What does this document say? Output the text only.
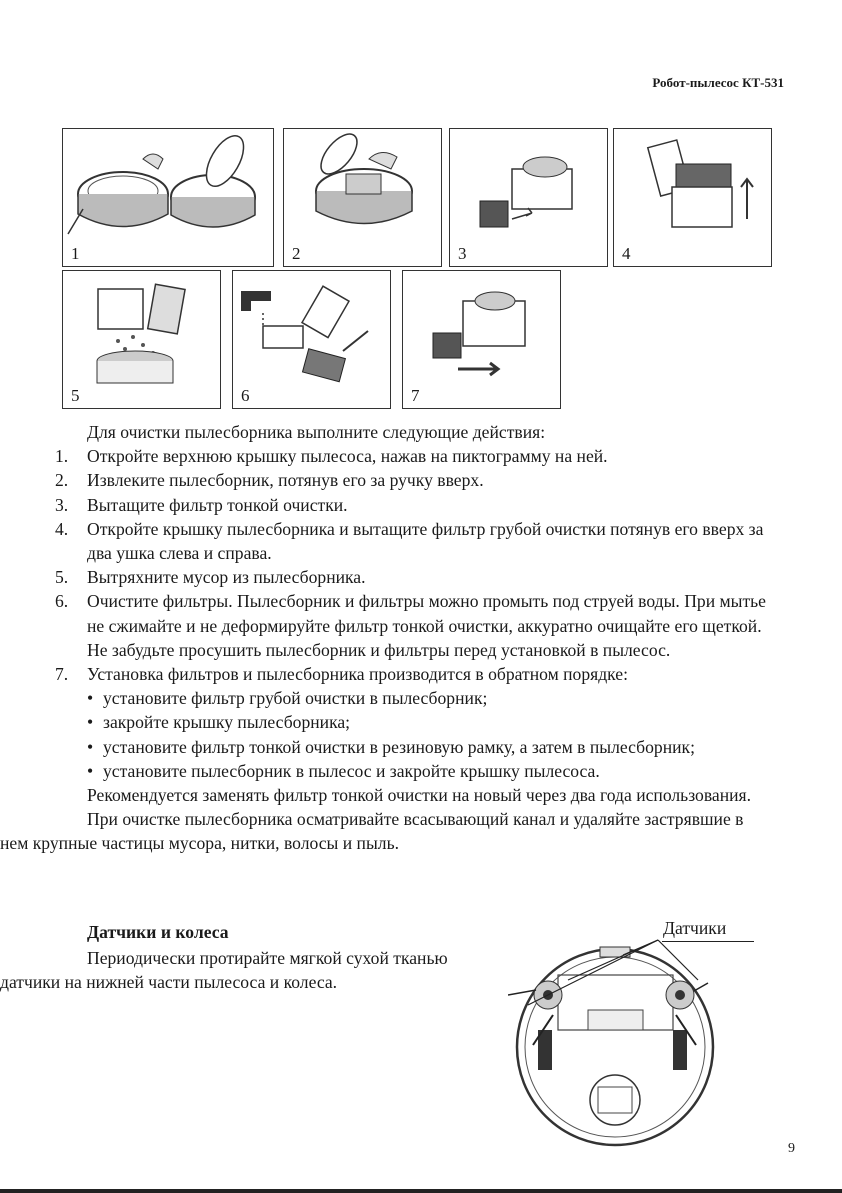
Робот-пылесос КТ-531
1	2	3	4
5	6	7

Для очистки пылесборника выполните следующие действия:

1. Откройте верхнюю крышку пылесоса, нажав на пиктограмму на ней.
2. Извлеките пылесборник, потянув его за ручку вверх.
3. Вытащите фильтр тонкой очистки.
4. Откройте крышку пылесборника и вытащите фильтр грубой очистки потянув его вверх за два ушка слева и справа.
5. Вытряхните мусор из пылесборника.
6. Очистите фильтры. Пылесборник и фильтры можно промыть под струей воды. При мытье не сжимайте и не деформируйте фильтр тонкой очистки, аккуратно очищайте его щеткой. Не забудьте просушить пылесборник и фильтры перед установкой в пылесос.
7. Установка фильтров и пылесборника производится в обратном порядке:
• установите фильтр грубой очистки в пылесборник;
• закройте крышку пылесборника;
• установите фильтр тонкой очистки в резиновую рамку, а затем в пылесборник;
• установите пылесборник в пылесос и закройте крышку пылесоса.

Рекомендуется заменять фильтр тонкой очистки на новый через два года использования.

При очистке пылесборника осматривайте всасывающий канал и удаляйте застрявшие в нем крупные частицы мусора, нитки, волосы и пыль.

Датчики и колеса
Периодически протирайте мягкой сухой тканью датчики на нижней части пылесоса и колеса.
Датчики
9
